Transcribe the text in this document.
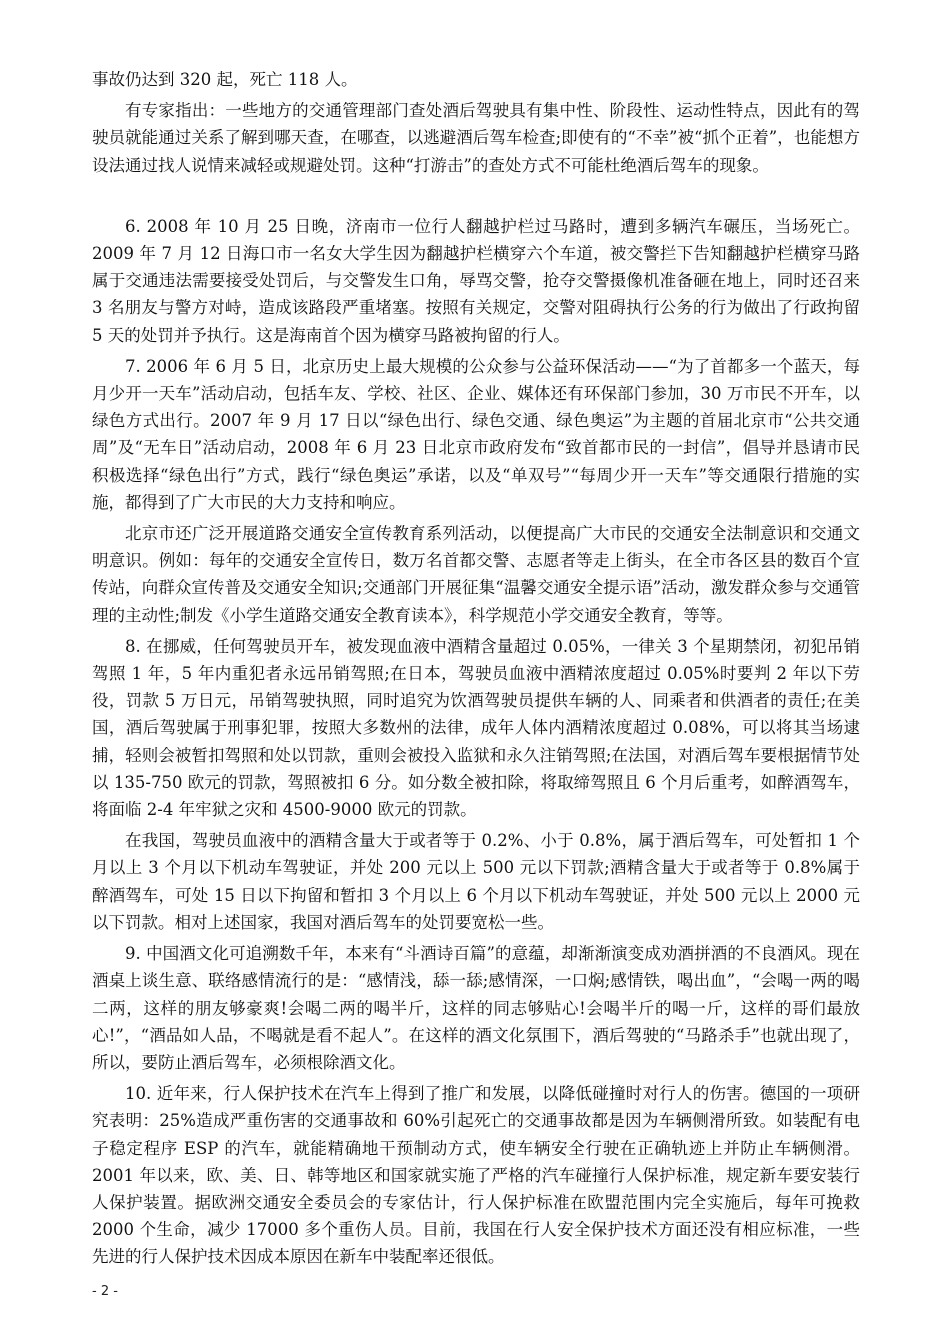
事故仍达到 320 起，死亡 118 人。

有专家指出：一些地方的交通管理部门查处酒后驾驶具有集中性、阶段性、运动性特点，因此有的驾驶员就能通过关系了解到哪天查，在哪查，以逃避酒后驾车检查;即使有的“不幸”被“抓个正着”，也能想方设法通过找人说情来减轻或规避处罚。这种“打游击”的查处方式不可能杜绝酒后驾车的现象。

6. 2008 年 10 月 25 日晚，济南市一位行人翻越护栏过马路时，遭到多辆汽车碾压，当场死亡。2009 年 7 月 12 日海口市一名女大学生因为翻越护栏横穿六个车道，被交警拦下告知翻越护栏横穿马路属于交通违法需要接受处罚后，与交警发生口角，辱骂交警，抢夺交警摄像机准备砸在地上，同时还召来 3 名朋友与警方对峙，造成该路段严重堵塞。按照有关规定，交警对阻碍执行公务的行为做出了行政拘留 5 天的处罚并予执行。这是海南首个因为横穿马路被拘留的行人。

7. 2006 年 6 月 5 日，北京历史上最大规模的公众参与公益环保活动——“为了首都多一个蓝天，每月少开一天车”活动启动，包括车友、学校、社区、企业、媒体还有环保部门参加，30 万市民不开车，以绿色方式出行。2007 年 9 月 17 日以“绿色出行、绿色交通、绿色奥运”为主题的首届北京市“公共交通周”及“无车日”活动启动，2008 年 6 月 23 日北京市政府发布“致首都市民的一封信”，倡导并恳请市民积极选择“绿色出行”方式，践行“绿色奥运”承诺，以及“单双号”“每周少开一天车”等交通限行措施的实施，都得到了广大市民的大力支持和响应。

北京市还广泛开展道路交通安全宣传教育系列活动，以便提高广大市民的交通安全法制意识和交通文明意识。例如：每年的交通安全宣传日，数万名首都交警、志愿者等走上街头，在全市各区县的数百个宣传站，向群众宣传普及交通安全知识;交通部门开展征集“温馨交通安全提示语”活动，激发群众参与交通管理的主动性;制发《小学生道路交通安全教育读本》，科学规范小学交通安全教育，等等。

8. 在挪威，任何驾驶员开车，被发现血液中酒精含量超过 0.05%，一律关 3 个星期禁闭，初犯吊销驾照 1 年，5 年内重犯者永远吊销驾照;在日本，驾驶员血液中酒精浓度超过 0.05%时要判 2 年以下劳役，罚款 5 万日元，吊销驾驶执照，同时追究为饮酒驾驶员提供车辆的人、同乘者和供酒者的责任;在美国，酒后驾驶属于刑事犯罪，按照大多数州的法律，成年人体内酒精浓度超过 0.08%，可以将其当场逮捕，轻则会被暂扣驾照和处以罚款，重则会被投入监狱和永久注销驾照;在法国，对酒后驾车要根据情节处以 135-750 欧元的罚款，驾照被扣 6 分。如分数全被扣除，将取缔驾照且 6 个月后重考，如醉酒驾车，将面临 2-4 年牢狱之灾和 4500-9000 欧元的罚款。

在我国，驾驶员血液中的酒精含量大于或者等于 0.2%、小于 0.8%，属于酒后驾车，可处暂扣 1 个月以上 3 个月以下机动车驾驶证，并处 200 元以上 500 元以下罚款;酒精含量大于或者等于 0.8%属于醉酒驾车，可处 15 日以下拘留和暂扣 3 个月以上 6 个月以下机动车驾驶证，并处 500 元以上 2000 元以下罚款。相对上述国家，我国对酒后驾车的处罚要宽松一些。

9. 中国酒文化可追溯数千年，本来有“斗酒诗百篇”的意蕴，却渐渐演变成劝酒拼酒的不良酒风。现在酒桌上谈生意、联络感情流行的是：“感情浅，舔一舔;感情深，一口焖;感情铁，喝出血”，“会喝一两的喝二两，这样的朋友够豪爽!会喝二两的喝半斤，这样的同志够贴心!会喝半斤的喝一斤，这样的哥们最放心!”，“酒品如人品，不喝就是看不起人”。在这样的酒文化氛围下，酒后驾驶的“马路杀手”也就出现了，所以，要防止酒后驾车，必须根除酒文化。

10. 近年来，行人保护技术在汽车上得到了推广和发展，以降低碰撞时对行人的伤害。德国的一项研究表明：25%造成严重伤害的交通事故和 60%引起死亡的交通事故都是因为车辆侧滑所致。如装配有电子稳定程序 ESP 的汽车，就能精确地干预制动方式，使车辆安全行驶在正确轨迹上并防止车辆侧滑。2001 年以来，欧、美、日、韩等地区和国家就实施了严格的汽车碰撞行人保护标准，规定新车要安装行人保护装置。据欧洲交通安全委员会的专家估计，行人保护标准在欧盟范围内完全实施后，每年可挽救 2000 个生命，减少 17000 多个重伤人员。目前，我国在行人安全保护技术方面还没有相应标准，一些先进的行人保护技术因成本原因在新车中装配率还很低。

- 2 -
